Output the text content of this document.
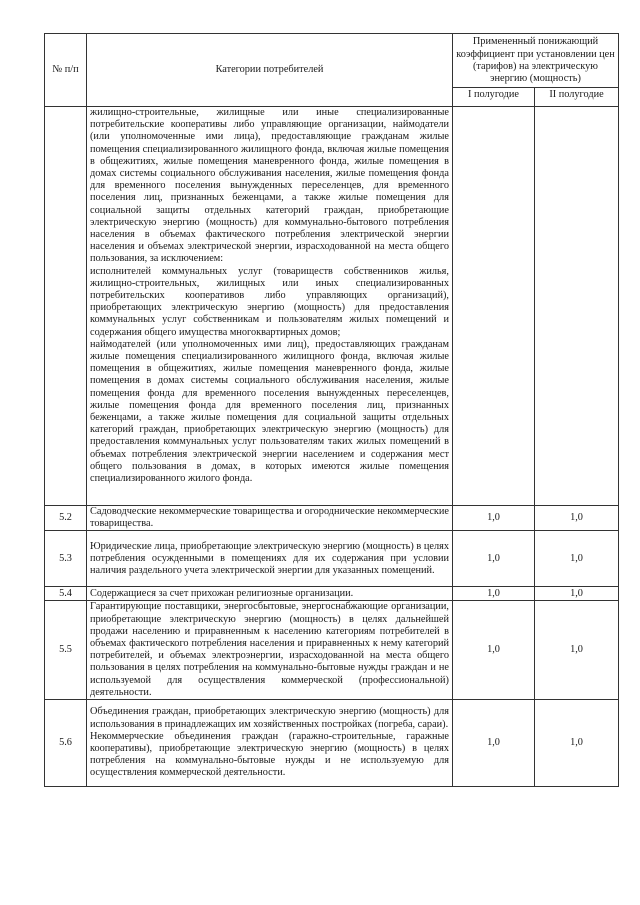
№ п/п	Категории потребителей	Примененный понижающий коэффициент при установлении цен (тарифов) на электрическую энергию (мощность)	
		I полугодие	II полугодие

	жилищно-строительные, жилищные или иные специализированные потребительские кооперативы либо управляющие организации, наймодатели (или уполномоченные ими лица), предоставляющие гражданам жилые помещения специализированного жилищного фонда, включая жилые помещения в общежитиях, жилые помещения маневренного фонда, жилые помещения в домах системы социального обслуживания населения, жилые помещения фонда для временного поселения вынужденных переселенцев, для временного поселения лиц, признанных беженцами, а также жилые помещения для социальной защиты отдельных категорий граждан, приобретающие электрическую энергию (мощность) для коммунально-бытового потребления населения в объемах фактического потребления электрической энергии населения и объемах электрической энергии, израсходованной на места общего пользования, за исключением:
исполнителей коммунальных услуг (товариществ собственников жилья, жилищно-строительных, жилищных или иных специализированных потребительских кооперативов либо управляющих организаций), приобретающих электрическую энергию (мощность) для предоставления коммунальных услуг собственникам и пользователям жилых помещений и содержания общего имущества многоквартирных домов;
наймодателей (или уполномоченных ими лиц), предоставляющих гражданам жилые помещения специализированного жилищного фонда, включая жилые помещения в общежитиях, жилые помещения маневренного фонда, жилые помещения в домах системы социального обслуживания населения, жилые помещения фонда для временного поселения вынужденных переселенцев, жилые помещения фонда для временного поселения лиц, признанных беженцами, а также жилые помещения для социальной защиты отдельных категорий граждан, приобретающих электрическую энергию (мощность) для предоставления коммунальных услуг пользователям таких жилых помещений в объемах потребления электрической энергии населением и содержания мест общего пользования в домах, в которых имеются жилые помещения специализированного жилого фонда.		

5.2	Садоводческие некоммерческие товарищества и огороднические некоммерческие товарищества.	1,0	1,0
5.3	Юридические лица, приобретающие электрическую энергию (мощность) в целях потребления осужденными в помещениях для их содержания при условии наличия раздельного учета электрической энергии для указанных помещений.	1,0	1,0
5.4	Содержащиеся за счет прихожан религиозные организации.	1,0	1,0
5.5	Гарантирующие поставщики, энергосбытовые, энергоснабжающие организации, приобретающие электрическую энергию (мощность) в целях дальнейшей продажи населению и приравненным к населению категориям потребителей в объемах фактического потребления населения и приравненных к нему категорий потребителей, и объемах электроэнергии, израсходованной на места общего пользования в целях потребления на коммунально-бытовые нужды граждан и не используемой для осуществления коммерческой (профессиональной) деятельности.	1,0	1,0
5.6	Объединения граждан, приобретающих электрическую энергию (мощность) для использования в принадлежащих им хозяйственных постройках (погреба, сараи).
Некоммерческие объединения граждан (гаражно-строительные, гаражные кооперативы), приобретающие электрическую энергию (мощность) в целях потребления на коммунально-бытовые нужды и не используемую для осуществления коммерческой деятельности.	1,0	1,0
